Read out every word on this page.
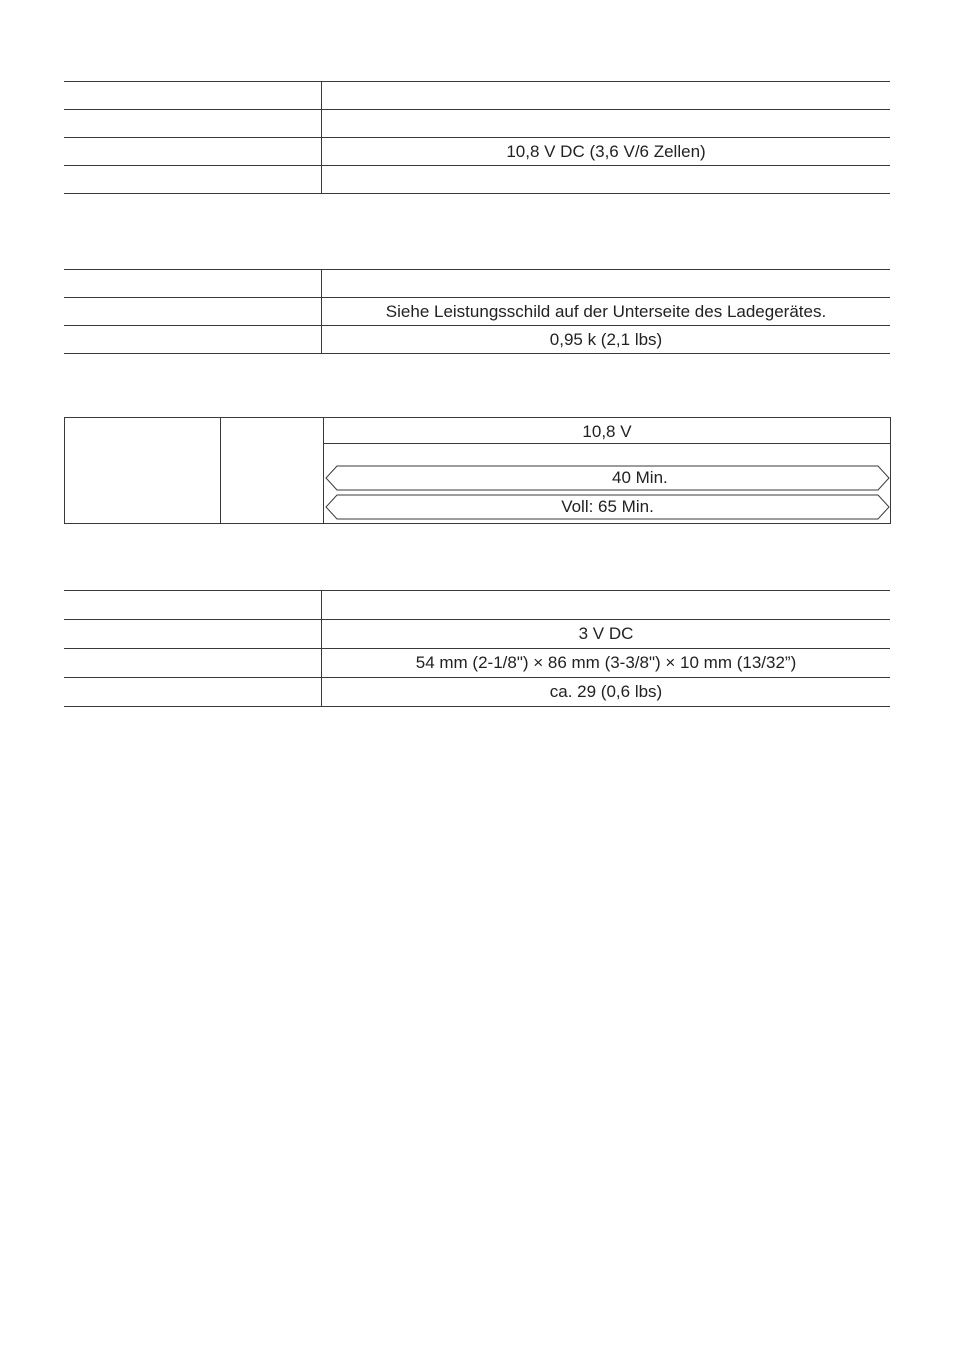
	10,8 V DC (3,6 V/6 Zellen)

	Siehe Leistungsschild auf der Unterseite des Ladegerätes.
	0,95 k (2,1 lbs)
10,8 V
40 Min.
Voll: 65 Min.

	3 V DC
	54 mm (2-1/8") × 86 mm (3-3/8") × 10 mm (13/32”)
	ca. 29 (0,6 lbs)
